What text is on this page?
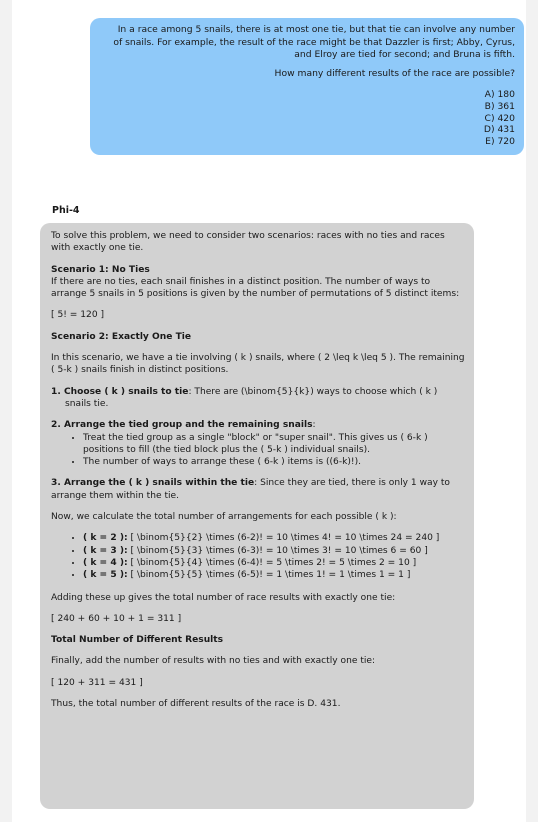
In a race among 5 snails, there is at most one tie, but that tie can involve any number

of snails. For example, the result of the race might be that Dazzler is first; Abby, Cyrus,

and Elroy are tied for second; and Bruna is fifth.

How many different results of the race are possible?

A) 180
B) 361
C) 420
D) 431
E) 720
Phi-4

To solve this problem, we need to consider two scenarios: races with no ties and races with exactly one tie.

Scenario 1: No Ties

If there are no ties, each snail finishes in a distinct position. The number of ways to arrange 5 snails in 5 positions is given by the number of permutations of 5 distinct items:

[ 5! = 120 ]

Scenario 2: Exactly One Tie

In this scenario, we have a tie involving ( k ) snails, where ( 2 \leq k \leq 5 ). The remaining ( 5-k ) snails finish in distinct positions.

1. Choose ( k ) snails to tie: There are (\binom{5}{k}) ways to choose which ( k ) snails tie.

2. Arrange the tied group and the remaining snails:

• Treat the tied group as a single "block" or "super snail". This gives us ( 6-k ) positions to fill (the tied block plus the ( 5-k ) individual snails).
• The number of ways to arrange these ( 6-k ) items is ((6-k)!).

3. Arrange the ( k ) snails within the tie: Since they are tied, there is only 1 way to arrange them within the tie.

Now, we calculate the total number of arrangements for each possible ( k ):

• ( k = 2 ): [ \binom{5}{2} \times (6-2)! = 10 \times 4! = 10 \times 24 = 240 ]
• ( k = 3 ): [ \binom{5}{3} \times (6-3)! = 10 \times 3! = 10 \times 6 = 60 ]
• ( k = 4 ): [ \binom{5}{4} \times (6-4)! = 5 \times 2! = 5 \times 2 = 10 ]
• ( k = 5 ): [ \binom{5}{5} \times (6-5)! = 1 \times 1! = 1 \times 1 = 1 ]

Adding these up gives the total number of race results with exactly one tie:

[ 240 + 60 + 10 + 1 = 311 ]

Total Number of Different Results

Finally, add the number of results with no ties and with exactly one tie:

[ 120 + 311 = 431 ]

Thus, the total number of different results of the race is D. 431.
